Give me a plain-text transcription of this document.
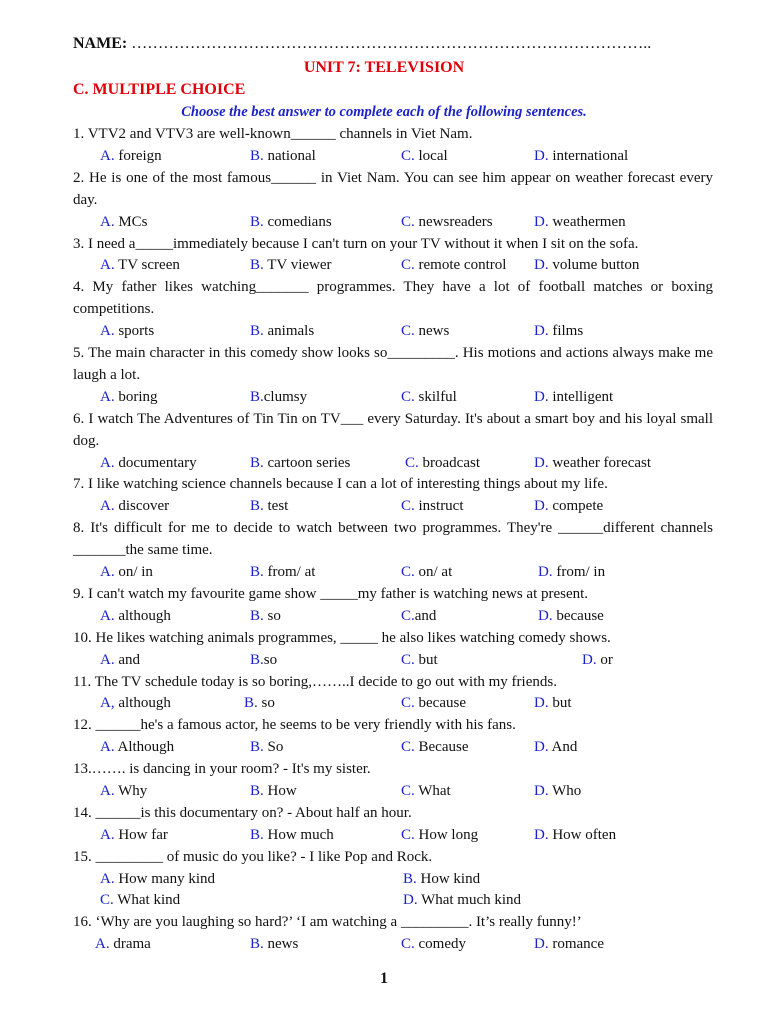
NAME: ……………………………………………………………………………………..
UNIT 7: TELEVISION
C. MULTIPLE CHOICE
Choose the best answer to complete each of the following sentences.
1. VTV2 and VTV3 are well-known______ channels in Viet Nam.
A. foreign	B. national	C. local	D. international
2. He is one of the most famous______ in Viet Nam. You can see him appear on weather forecast every day.
A. MCs	B. comedians	C. newsreaders	D. weathermen
3. I need a_____immediately because I can't turn on your TV without it when I sit on the sofa.
A. TV screen	B. TV viewer	C. remote control D. volume button
4. My father likes watching_______ programmes. They have a lot of football matches or boxing competitions.
A. sports	B. animals	C. news	D. films
5. The main character in this comedy show looks so_________. His motions and actions always make me laugh a lot.
A. boring	B.clumsy	C. skilful	D. intelligent
6. I watch The Adventures of Tin Tin on TV___ every Saturday. It's about a smart boy and his loyal small dog.
A. documentary	B. cartoon series	C. broadcast	D. weather forecast
7. I like watching science channels because I can a lot of interesting things about my life.
A. discover	B. test	C. instruct	D. compete
8. It's difficult for me to decide to watch between two programmes. They're ______different channels _______the same time.
A. on/ in	B. from/ at	C. on/ at	D. from/ in
9. I can't watch my favourite game show _____my father is watching news at present.
A. although	B. so	C.and	D. because
10. He likes watching animals programmes, _____ he also likes watching comedy shows.
A. and	B.so	C. but	D. or
11. The TV schedule today is so boring,……..I decide to go out with my friends.
A, although	B. so	C. because	D. but
12. ______he's a famous actor, he seems to be very friendly with his fans.
A. Although	B. So	C. Because	D. And
13.……. is dancing in your room? - It's my sister.
A. Why	B. How	C. What	D. Who
14. ______is this documentary on? - About half an hour.
A. How far	B. How much	C. How long	D. How often
15. _________ of music do you like? - I like Pop and Rock.
A. How many kind	B. How kind
C. What kind	D. What much kind
16. ‘Why are you laughing so hard?’ ‘I am watching a _________. It’s really funny!’
A. drama	B. news	C. comedy	D. romance
1
